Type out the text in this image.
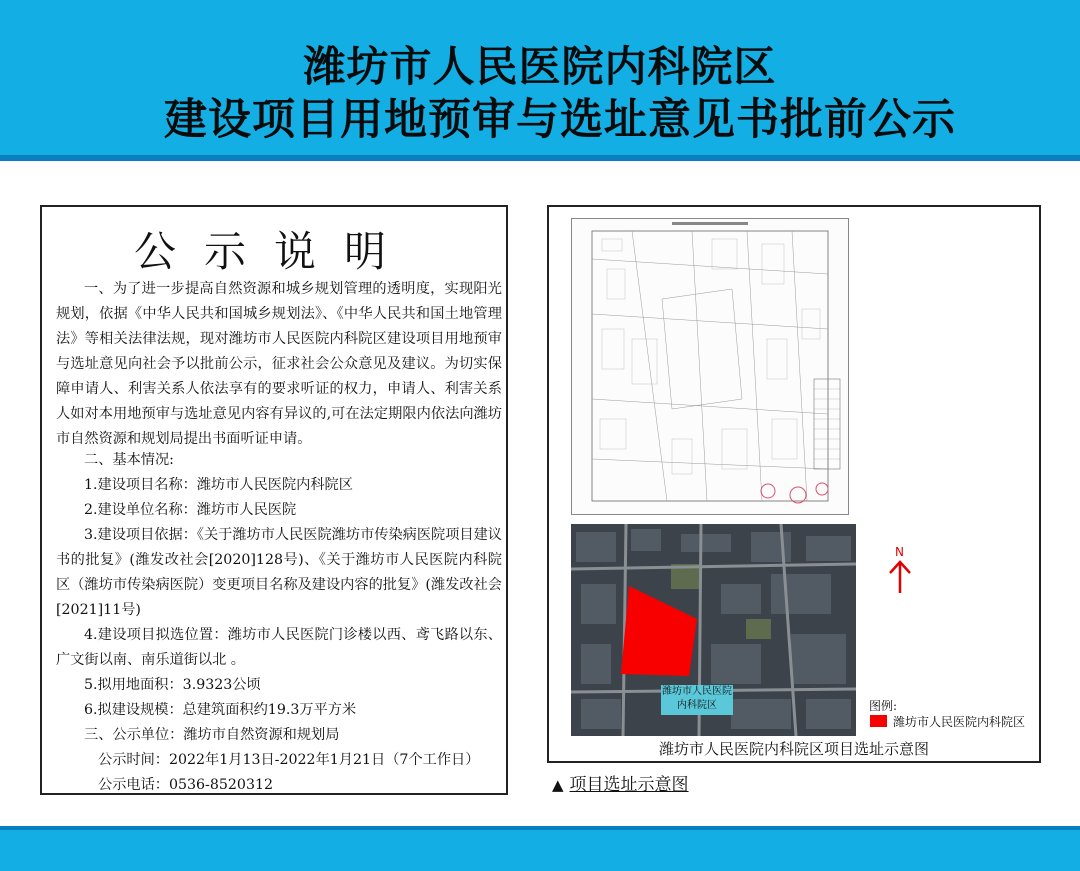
潍坊市人民医院内科院区
建设项目用地预审与选址意见书批前公示
公示说明
一、为了进一步提高自然资源和城乡规划管理的透明度，实现阳光规划，依据《中华人民共和国城乡规划法》、《中华人民共和国土地管理法》等相关法律法规，现对潍坊市人民医院内科院区建设项目用地预审与选址意见向社会予以批前公示，征求社会公众意见及建议。为切实保障申请人、利害关系人依法享有的要求听证的权力，申请人、利害关系人如对本用地预审与选址意见内容有异议的,可在法定期限内依法向潍坊市自然资源和规划局提出书面听证申请。
二、基本情况:
1.建设项目名称：潍坊市人民医院内科院区
2.建设单位名称：潍坊市人民医院
3.建设项目依据：《关于潍坊市人民医院潍坊市传染病医院项目建议书的批复》(潍发改社会[2020]128号)、《关于潍坊市人民医院内科院区（潍坊市传染病医院）变更项目名称及建设内容的批复》(潍发改社会[2021]11号)
4.建设项目拟选位置：潍坊市人民医院门诊楼以西、鸢飞路以东、广文街以南、南乐道街以北 。
5.拟用地面积：3.9323公顷
6.拟建设规模：总建筑面积约19.3万平方米
三、公示单位：潍坊市自然资源和规划局
公示时间：2022年1月13日-2022年1月21日（7个工作日）
公示电话：0536-8520312
潍坊市人民医院
内科院区
N
图例:
潍坊市人民医院内科院区
潍坊市人民医院内科院区项目选址示意图
▲ 项目选址示意图
